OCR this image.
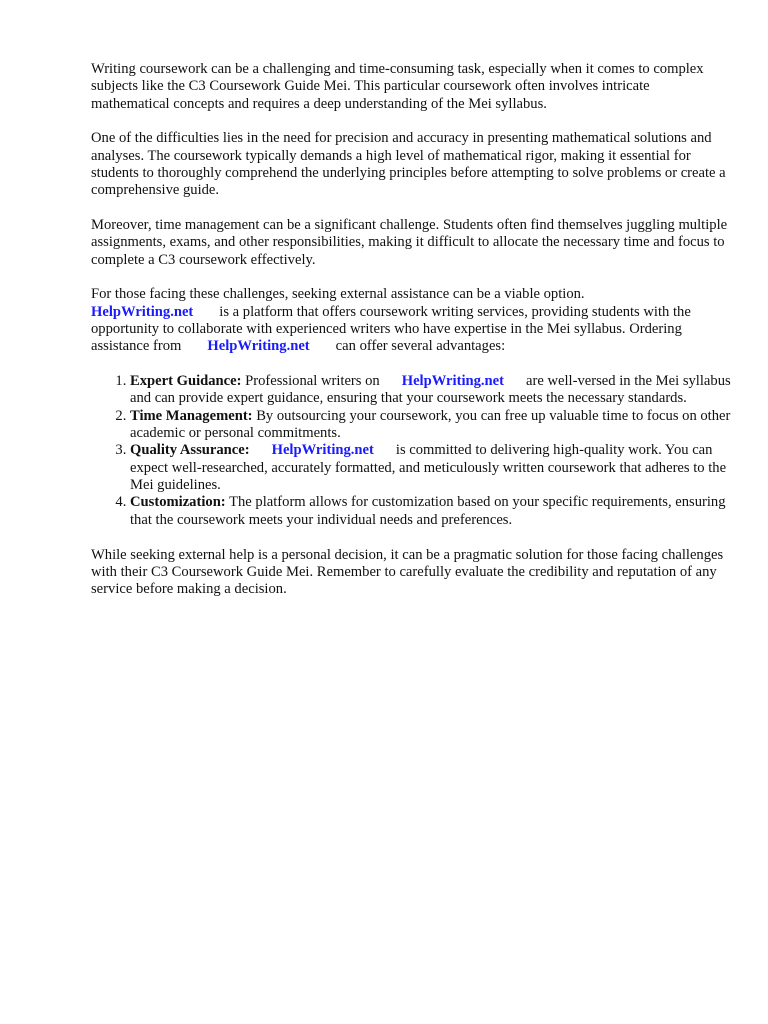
Writing coursework can be a challenging and time-consuming task, especially when it comes to complex subjects like the C3 Coursework Guide Mei. This particular coursework often involves intricate mathematical concepts and requires a deep understanding of the Mei syllabus.

One of the difficulties lies in the need for precision and accuracy in presenting mathematical solutions and analyses. The coursework typically demands a high level of mathematical rigor, making it essential for students to thoroughly comprehend the underlying principles before attempting to solve problems or create a comprehensive guide.

Moreover, time management can be a significant challenge. Students often find themselves juggling multiple assignments, exams, and other responsibilities, making it difficult to allocate the necessary time and focus to complete a C3 coursework effectively.

For those facing these challenges, seeking external assistance can be a viable option.
HelpWriting.net is a platform that offers coursework writing services, providing students with the opportunity to collaborate with experienced writers who have expertise in the Mei syllabus. Ordering assistance from HelpWriting.net can offer several advantages:

1. Expert Guidance: Professional writers on HelpWriting.net are well-versed in the Mei syllabus and can provide expert guidance, ensuring that your coursework meets the necessary standards.
2. Time Management: By outsourcing your coursework, you can free up valuable time to focus on other academic or personal commitments.
3. Quality Assurance: HelpWriting.net is committed to delivering high-quality work. You can expect well-researched, accurately formatted, and meticulously written coursework that adheres to the Mei guidelines.
4. Customization: The platform allows for customization based on your specific requirements, ensuring that the coursework meets your individual needs and preferences.

While seeking external help is a personal decision, it can be a pragmatic solution for those facing challenges with their C3 Coursework Guide Mei. Remember to carefully evaluate the credibility and reputation of any service before making a decision.
